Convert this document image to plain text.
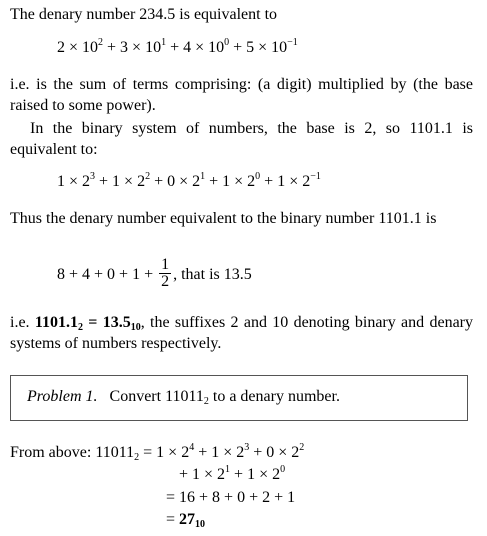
The denary number 234.5 is equivalent to
$2 \times 10^2 + 3 \times 10^1 + 4 \times 10^0 + 5 \times 10^{-1}$
i.e. is the sum of terms comprising: (a digit) multiplied by (the base raised to some power).
In the binary system of numbers, the base is 2, so 1101.1 is equivalent to:
$1 \times 2^3 + 1 \times 2^2 + 0 \times 2^1 + 1 \times 2^0 + 1 \times 2^{-1}$
Thus the denary number equivalent to the binary number 1101.1 is
$8 + 4 + 0 + 1 + \frac{1}{2}$ , that is 13.5
i.e. $1101.1_2 = 13.5_{10}$, the suffixes 2 and 10 denoting binary and denary systems of numbers respectively.
Problem 1. Convert $11011_2$ to a denary number.
From above: $11011_2 = 1 \times 2^4 + 1 \times 2^3 + 0 \times 2^2$
+ $1 \times 2^1 + 1 \times 2^0$
= 16 + 8 + 0 + 2 + 1
= $27_{10}$
